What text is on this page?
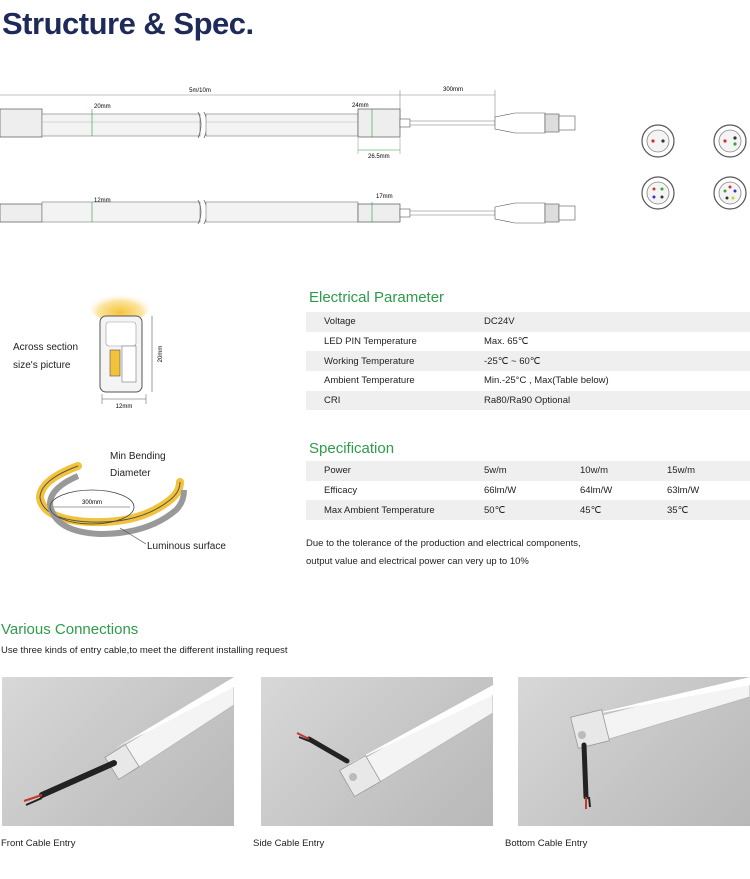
Structure & Spec.
5m/10m	300mm
20mm	24mm
26.5mm
12mm
17mm
Across section
size's picture
20mm
12mm
Min Bending
Diameter
300mm
Luminous surface
Electrical Parameter
Voltage	DC24V
LED PIN Temperature	Max. 65℃
Working Temperature	-25℃ ~ 60℃
Ambient Temperature	Min.-25°C , Max(Table below)
CRI	Ra80/Ra90 Optional
Specification
Power	5w/m	10w/m	15w/m
Efficacy	66lm/W	64lm/W	63lm/W
Max Ambient Temperature	50℃	45℃	35℃
Due to the tolerance of the production and electrical components,
output value and electrical power can very up to 10%
Various Connections
Use three kinds of entry cable,to meet the different installing request
Front Cable Entry	Side Cable Entry	Bottom Cable Entry
